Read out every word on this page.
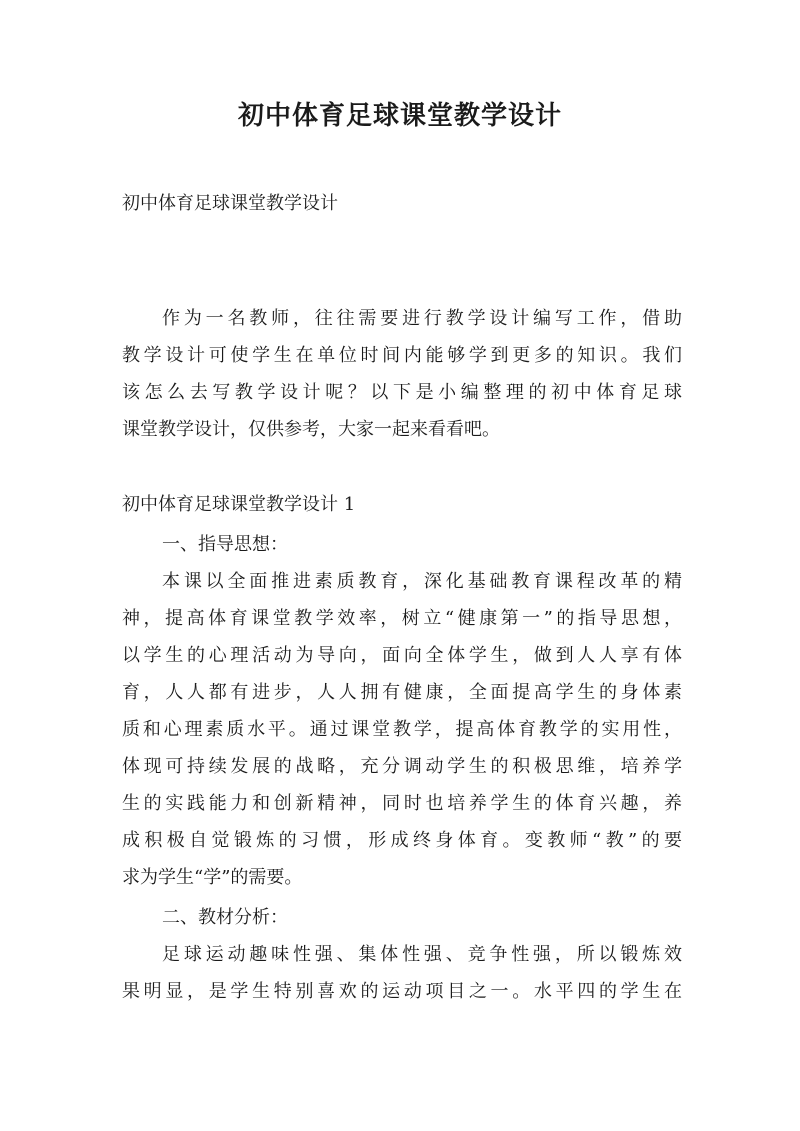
初中体育足球课堂教学设计
初中体育足球课堂教学设计
作为一名教师，往往需要进行教学设计编写工作，借助
教学设计可使学生在单位时间内能够学到更多的知识。我们
该怎么去写教学设计呢？以下是小编整理的初中体育足球
课堂教学设计，仅供参考，大家一起来看看吧。
初中体育足球课堂教学设计 1
一、指导思想：
本课以全面推进素质教育，深化基础教育课程改革的精
神，提高体育课堂教学效率，树立“健康第一”的指导思想，
以学生的心理活动为导向，面向全体学生，做到人人享有体
育，人人都有进步，人人拥有健康，全面提高学生的身体素
质和心理素质水平。通过课堂教学，提高体育教学的实用性，
体现可持续发展的战略，充分调动学生的积极思维，培养学
生的实践能力和创新精神，同时也培养学生的体育兴趣，养
成积极自觉锻炼的习惯，形成终身体育。变教师“教”的要
求为学生“学”的需要。
二、教材分析：
足球运动趣味性强、集体性强、竞争性强，所以锻炼效
果明显，是学生特别喜欢的运动项目之一。水平四的学生在
